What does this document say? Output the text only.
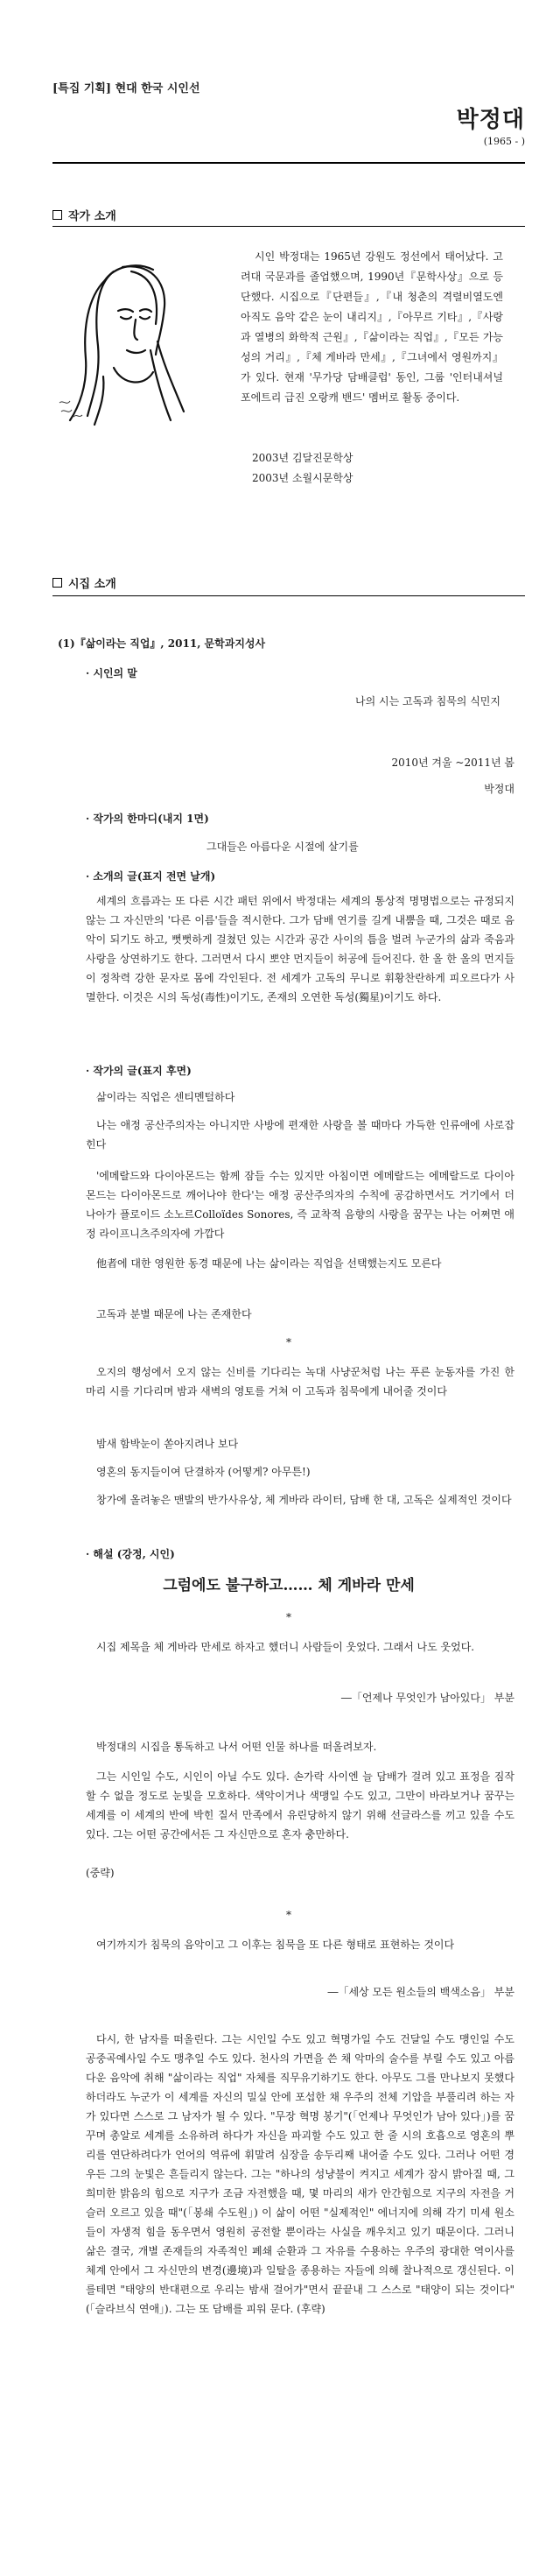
[특집 기획] 현대 한국 시인선
박정대
(1965 - )
작가 소개

시인 박정대는 1965년 강원도 정선에서 태어났다. 고려대 국문과를 졸업했으며, 1990년『문학사상』으로 등단했다. 시집으로『단편들』,『내 청춘의 격렬비열도엔 아직도 음악 같은 눈이 내리지』,『아무르 기타』,『사랑과 열병의 화학적 근원』,『삶이라는 직업』,『모든 가능성의 거리』,『체 게바라 만세』,『그녀에서 영원까지』가 있다. 현재 '무가당 담배클럽' 동인, 그룹 '인터내셔널 포에트리 급진 오랑캐 밴드' 멤버로 활동 중이다.

2003년 김달진문학상
2003년 소월시문학상
시집 소개
(1)『삶이라는 직업』, 2011, 문학과지성사
· 시인의 말
나의 시는 고독과 침묵의 식민지
2010년 겨울 ~2011년 봄
박정대
· 작가의 한마디(내지 1면)
그대들은 아름다운 시절에 살기를
· 소개의 글(표지 전면 날개)

세계의 흐름과는 또 다른 시간 패턴 위에서 박정대는 세계의 통상적 명명법으로는 규정되지 않는 그 자신만의 '다른 이름'들을 적시한다. 그가 담배 연기를 길게 내뿜을 때, 그것은 때로 음악이 되기도 하고, 뻣뻣하게 걸쳤던 있는 시간과 공간 사이의 틈을 벌려 누군가의 삶과 죽음과 사랑을 상연하기도 한다. 그러면서 다시 뽀얀 먼지들이 허공에 들어진다. 한 올 한 올의 먼지들이 정착력 강한 문자로 몸에 각인된다. 전 세계가 고독의 무니로 휘황찬란하게 피오르다가 사멸한다. 이것은 시의 독성(毒性)이기도, 존재의 오연한 독성(獨星)이기도 하다.

· 작가의 글(표지 후면)

삶이라는 직업은 센티멘털하다

나는 애정 공산주의자는 아니지만 사방에 편재한 사랑을 볼 때마다 가득한 인류애에 사로잡힌다

'에메랄드와 다이아몬드는 함께 잠들 수는 있지만 아침이면 에메랄드는 에메랄드로 다이아몬드는 다이아몬드로 깨어나야 한다'는 애정 공산주의자의 수칙에 공감하면서도 거기에서 더 나아가 플로이드 소노르Colloïdes Sonores, 즉 교착적 음향의 사랑을 꿈꾸는 나는 어쩌면 애정 라이프니츠주의자에 가깝다

他者에 대한 영원한 동경 때문에 나는 삶이라는 직업을 선택했는지도 모른다

고독과 분별 때문에 나는 존재한다

*

오지의 행성에서 오지 않는 신비를 기다리는 녹대 사냥꾼처럼 나는 푸른 눈동자를 가진 한 마리 시를 기다리며 밤과 새벽의 영토를 거쳐 이 고독과 침묵에게 내어줄 것이다

밤새 함박눈이 쏟아지려나 보다

영혼의 동지들이여 단결하자 (어떻게? 아무튼!)

창가에 올려놓은 맨발의 반가사유상, 체 게바라 라이터, 담배 한 대, 고독은 실제적인 것이다

· 해설 (강정, 시인)
그럼에도 불구하고…… 체 게바라 만세
*

시집 제목을 체 게바라 만세로 하자고 했더니 사람들이 웃었다. 그래서 나도 웃었다.

―「언제나 무엇인가 남아있다」 부분

박정대의 시집을 통독하고 나서 어떤 인물 하나를 떠올려보자.

그는 시인일 수도, 시인이 아닐 수도 있다. 손가락 사이엔 늘 담배가 걸려 있고 표정을 짐작할 수 없을 정도로 눈빛을 모호하다. 색악이거나 색맹일 수도 있고, 그만이 바라보거나 꿈꾸는 세계를 이 세계의 반에 박힌 질서 만족에서 유린당하지 않기 위해 선글라스를 끼고 있을 수도 있다. 그는 어떤 공간에서든 그 자신만으로 혼자 충만하다.

(중략)
*

여기까지가 침묵의 음악이고 그 이후는 침묵을 또 다른 형태로 표현하는 것이다

―「세상 모든 원소들의 백색소음」 부분

다시, 한 남자를 떠올린다. 그는 시인일 수도 있고 혁명가일 수도 건달일 수도 맹인일 수도 공중곡예사일 수도 맹추일 수도 있다. 천사의 가면을 쓴 채 악마의 술수를 부릴 수도 있고 아름다운 음악에 취해 "삶이라는 직업" 자체를 직무유기하기도 한다. 아무도 그를 만나보지 못했다 하더라도 누군가 이 세계를 자신의 밀실 안에 포섭한 채 우주의 전체 기압을 부풀리려 하는 자가 있다면 스스로 그 남자가 될 수 있다. "무장 혁명 봉기"(「언제나 무엇인가 남아 있다」)를 꿈꾸며 총알로 세계를 소유하려 하다가 자신을 파괴할 수도 있고 한 줄 시의 호흡으로 영혼의 뿌리를 연단하려다가 언어의 역류에 휘말려 심장을 송두리째 내어줄 수도 있다. 그러나 어떤 경우든 그의 눈빛은 흔들리지 않는다. 그는 "하나의 성냥불이 켜지고 세계가 잠시 밝아질 때, 그 희미한 밝음의 힘으로 지구가 조금 자전했을 때, 몇 마리의 새가 안간힘으로 지구의 자전을 거슬러 오르고 있을 때"(「봉쇄 수도원」) 이 삶이 어떤 "실제적인" 에너지에 의해 각기 미세 원소들이 자생적 힘을 동우면서 영원히 공전할 뿐이라는 사실을 깨우치고 있기 때문이다. 그러니 삶은 결국, 개별 존재들의 자족적인 폐쇄 순환과 그 자유를 수용하는 우주의 광대한 역이사를 체계 안에서 그 자신만의 변경(邊境)과 일탈을 종용하는 자들에 의해 찰나적으로 갱신된다. 이를테면 "태양의 반대편으로 우리는 밤새 걸어가"면서 끝끝내 그 스스로 "태양이 되는 것이다"(「슬라브식 연애」). 그는 또 담배를 피워 문다. (후략)
